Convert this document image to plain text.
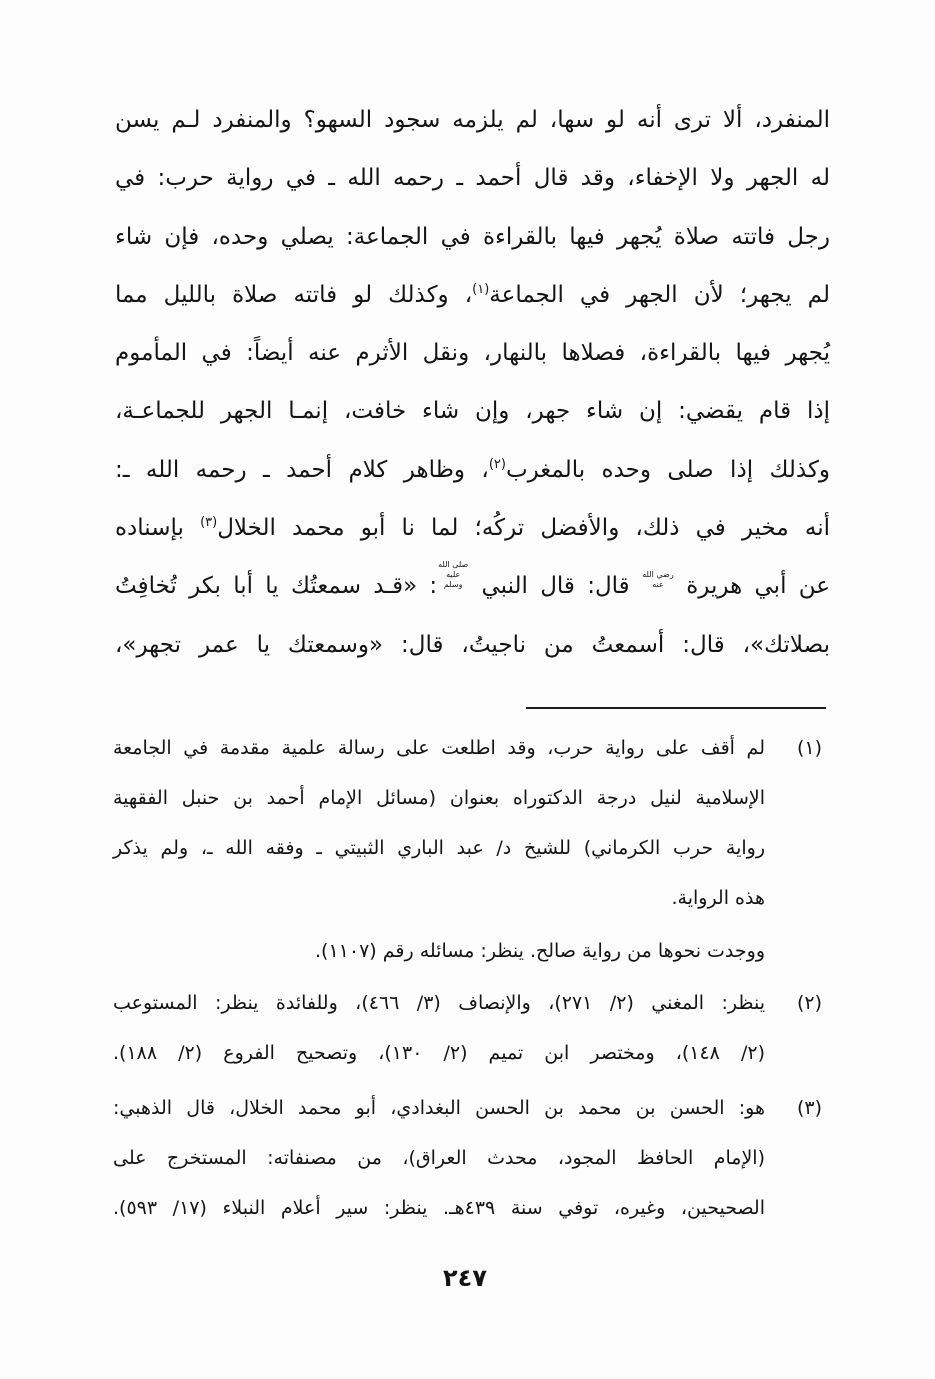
المنفرد، ألا ترى أنه لو سها، لم يلزمه سجود السهو؟ والمنفرد لـم يسن
له الجهر ولا الإخفاء، وقد قال أحمد ـ رحمه الله ـ في رواية حرب: في
رجل فاتته صلاة يُجهر فيها بالقراءة في الجماعة: يصلي وحده، فإن شاء
لم يجهر؛ لأن الجهر في الجماعة$^{(١)}$، وكذلك لو فاتته صلاة بالليل مما
يُجهر فيها بالقراءة، فصلاها بالنهار، ونقل الأثرم عنه أيضاً: في المأموم
إذا قام يقضي: إن شاء جهر، وإن شاء خافت، إنمـا الجهر للجماعـة،
وكذلك إذا صلى وحده بالمغرب$^{(٢)}$، وظاهر كلام أحمد ـ رحمه الله ـ:
أنه مخير في ذلك، والأفضل تركُه؛ لما نا أبو محمد الخلال$^{(٣)}$ بإسناده
عن أبي هريرة رضي الله عنه قال: قال النبي صلى الله عليه وسلم: «قـد سمعتُك يا أبا بكر تُخافِتُ
بصلاتك»، قال: أسمعتُ من ناجيتُ، قال: «وسمعتك يا عمر تجهر»،
(١)
لم أقف على رواية حرب، وقد اطلعت على رسالة علمية مقدمة في الجامعة
الإسلامية لنيل درجة الدكتوراه بعنوان (مسائل الإمام أحمد بن حنبل الفقهية
رواية حرب الكرماني) للشيخ د/ عبد الباري الثبيتي ـ وفقه الله ـ، ولم يذكر
هذه الرواية.
ووجدت نحوها من رواية صالح. ينظر: مسائله رقم (١١٠٧).
(٢)
ينظر: المغني (٢/ ٢٧١)، والإنصاف (٣/ ٤٦٦)، وللفائدة ينظر: المستوعب
(٢/ ١٤٨)، ومختصر ابن تميم (٢/ ١٣٠)، وتصحيح الفروع (٢/ ١٨٨).
(٣)
هو: الحسن بن محمد بن الحسن البغدادي، أبو محمد الخلال، قال الذهبي:
(الإمام الحافظ المجود، محدث العراق)، من مصنفاته: المستخرج على
الصحيحين، وغيره، توفي سنة ٤٣٩هـ. ينظر: سير أعلام النبلاء (١٧/ ٥٩٣).
٢٤٧
